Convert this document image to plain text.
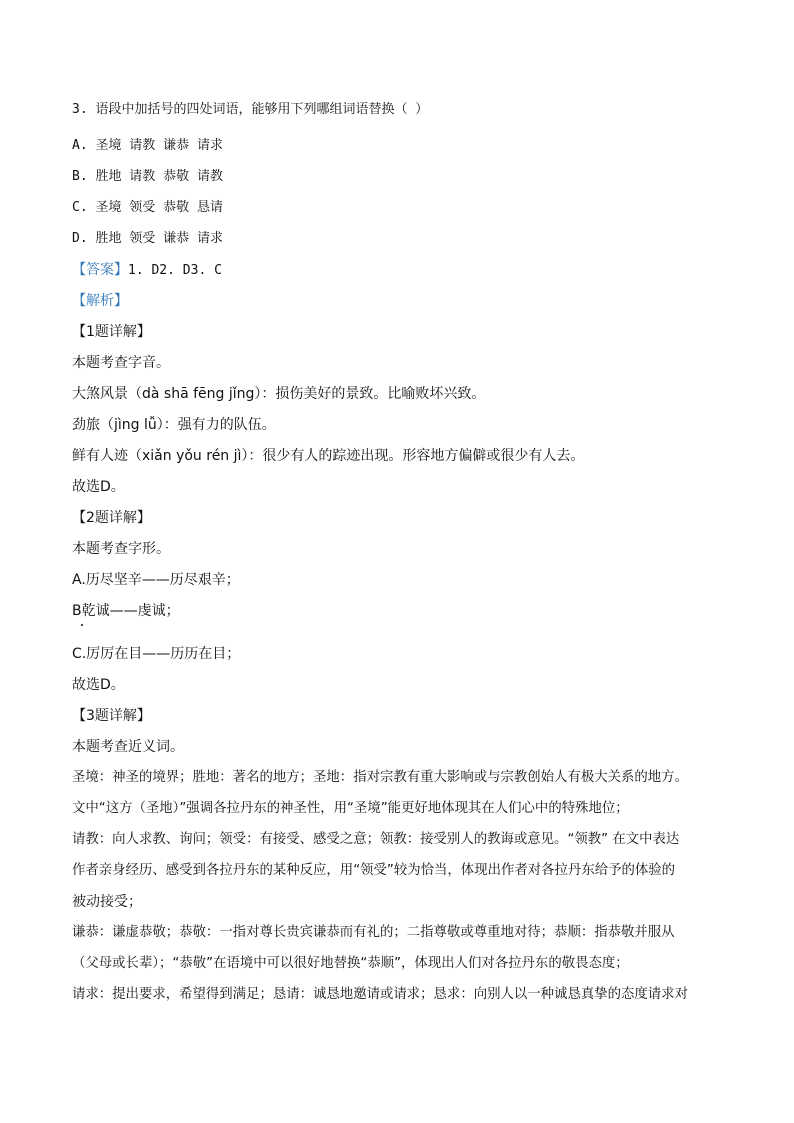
3. 语段中加括号的四处词语，能够用下列哪组词语替换（ ）
A. 圣境 请教 谦恭 请求
B. 胜地 请教 恭敬 请教
C. 圣境 领受 恭敬 恳请
D. 胜地 领受 谦恭 请求
【答案】1. D2. D3. C
【解析】
【1题详解】
本题考查字音。
大煞风景（dà shā fēng jǐng）：损伤美好的景致。比喻败坏兴致。
劲旅（jìng lǚ）：强有力的队伍。
鲜有人迹（xiǎn yǒu rén jì）：很少有人的踪迹出现。形容地方偏僻或很少有人去。
故选D。
【2题详解】
本题考查字形。
A.历尽坚辛——历尽艰辛；
B乾诚——虔诚；
C.厉厉在目——历历在目；
故选D。
【3题详解】
本题考查近义词。
圣境：神圣的境界；胜地：著名的地方；圣地：指对宗教有重大影响或与宗教创始人有极大关系的地方。
文中“这方（圣地）”强调各拉丹东的神圣性，用“圣境”能更好地体现其在人们心中的特殊地位；
请教：向人求教、询问；领受：有接受、感受之意；领教：接受别人的教诲或意见。“领教” 在文中表达
作者亲身经历、感受到各拉丹东的某种反应，用“领受”较为恰当，体现出作者对各拉丹东给予的体验的
被动接受；
谦恭：谦虚恭敬；恭敬：一指对尊长贵宾谦恭而有礼的；二指尊敬或尊重地对待；恭顺：指恭敬并服从
（父母或长辈）；“恭敬”在语境中可以很好地替换“恭顺”，体现出人们对各拉丹东的敬畏态度；
请求：提出要求，希望得到满足；恳请：诚恳地邀请或请求；恳求：向别人以一种诚恳真挚的态度请求对
